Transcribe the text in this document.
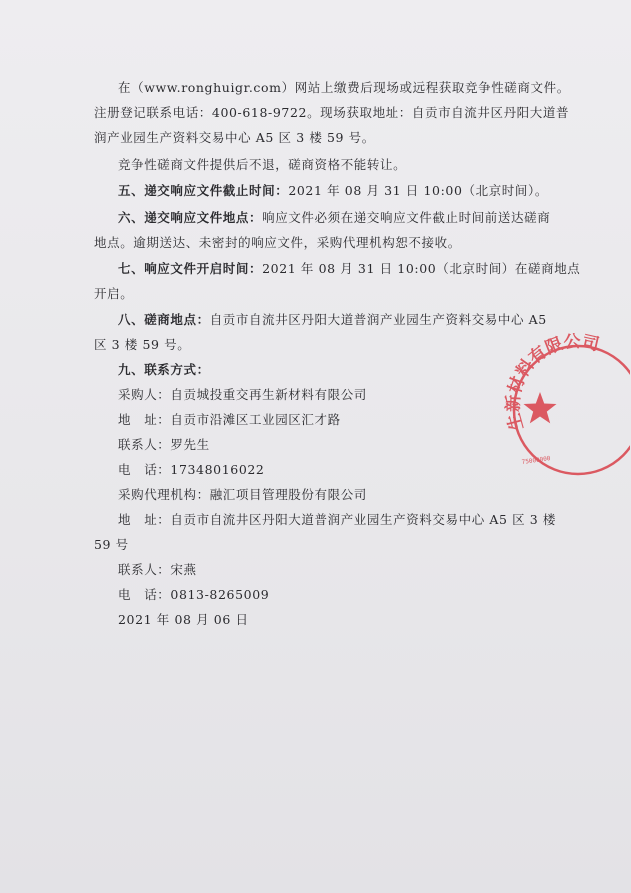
在（www.ronghuigr.com）网站上缴费后现场或远程获取竞争性磋商文件。
注册登记联系电话：400-618-9722。现场获取地址：自贡市自流井区丹阳大道普
润产业园生产资料交易中心 A5 区 3 楼 59 号。
竞争性磋商文件提供后不退，磋商资格不能转让。
五、递交响应文件截止时间：2021 年 08 月 31 日 10:00（北京时间）。
六、递交响应文件地点：响应文件必须在递交响应文件截止时间前送达磋商
地点。逾期送达、未密封的响应文件，采购代理机构恕不接收。
七、响应文件开启时间：2021 年 08 月 31 日 10:00（北京时间）在磋商地点
开启。
八、磋商地点：自贡市自流井区丹阳大道普润产业园生产资料交易中心 A5
区 3 楼 59 号。
九、联系方式：
采购人：自贡城投重交再生新材料有限公司
地　址：自贡市沿滩区工业园区汇才路
联系人：罗先生
电　话：17348016022
采购代理机构：融汇项目管理股份有限公司
地　址：自贡市自流井区丹阳大道普润产业园生产资料交易中心 A5 区 3 楼
59 号
联系人：宋燕
电　话：0813-8265009
2021 年 08 月 06 日
生新材料有限公司
75000000
